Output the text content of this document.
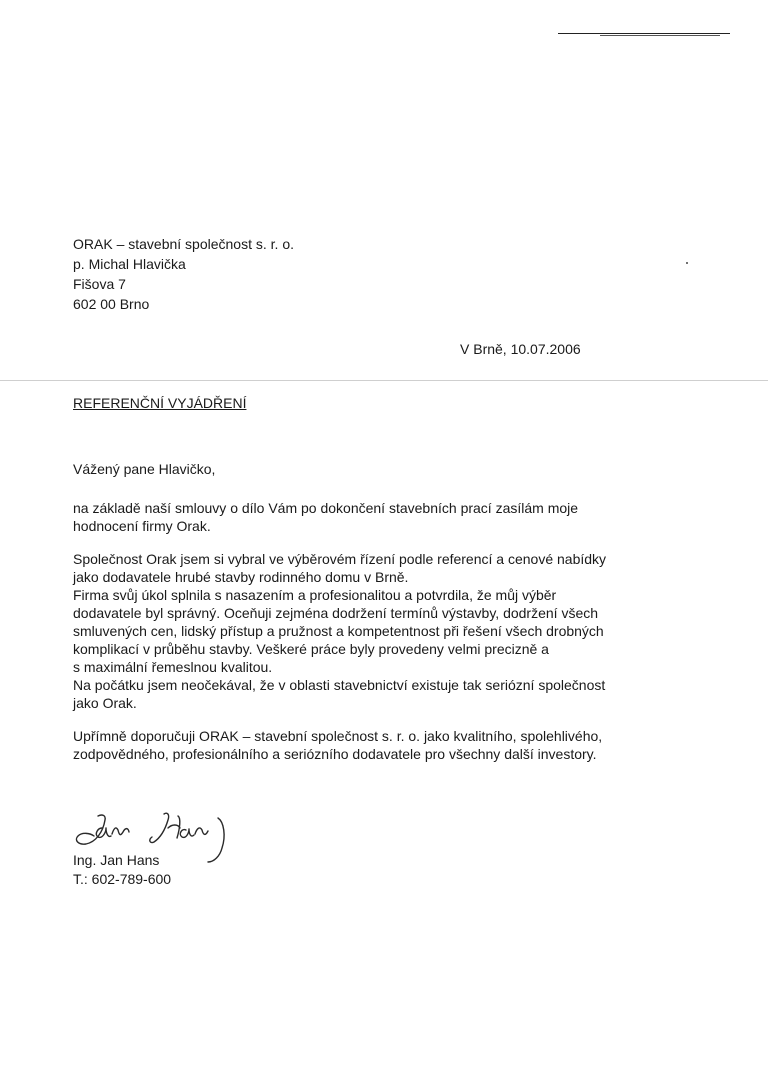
ORAK – stavební společnost s. r. o.
p. Michal Hlavička
Fišova 7
602 00 Brno
V Brně, 10.07.2006
REFERENČNÍ VYJÁDŘENÍ
Vážený pane Hlavičko,
na základě naší smlouvy o dílo Vám po dokončení stavebních prací zasílám moje
hodnocení firmy Orak.
Společnost Orak jsem si vybral ve výběrovém řízení podle referencí a cenové nabídky
jako dodavatele hrubé stavby rodinného domu v Brně.
Firma svůj úkol splnila s nasazením a profesionalitou a potvrdila, že můj výběr
dodavatele byl správný. Oceňuji zejména dodržení termínů výstavby, dodržení všech
smluvených cen, lidský přístup a pružnost a kompetentnost při řešení všech drobných
komplikací v průběhu stavby. Veškeré práce byly provedeny velmi precizně a
s maximální řemeslnou kvalitou.
Na počátku jsem neočekával, že v oblasti stavebnictví existuje tak seriózní společnost
jako Orak.
Upřímně doporučuji ORAK – stavební společnost s. r. o. jako kvalitního, spolehlivého,
zodpovědného, profesionálního a seriózního dodavatele pro všechny další investory.
Ing. Jan Hans
T.: 602-789-600
